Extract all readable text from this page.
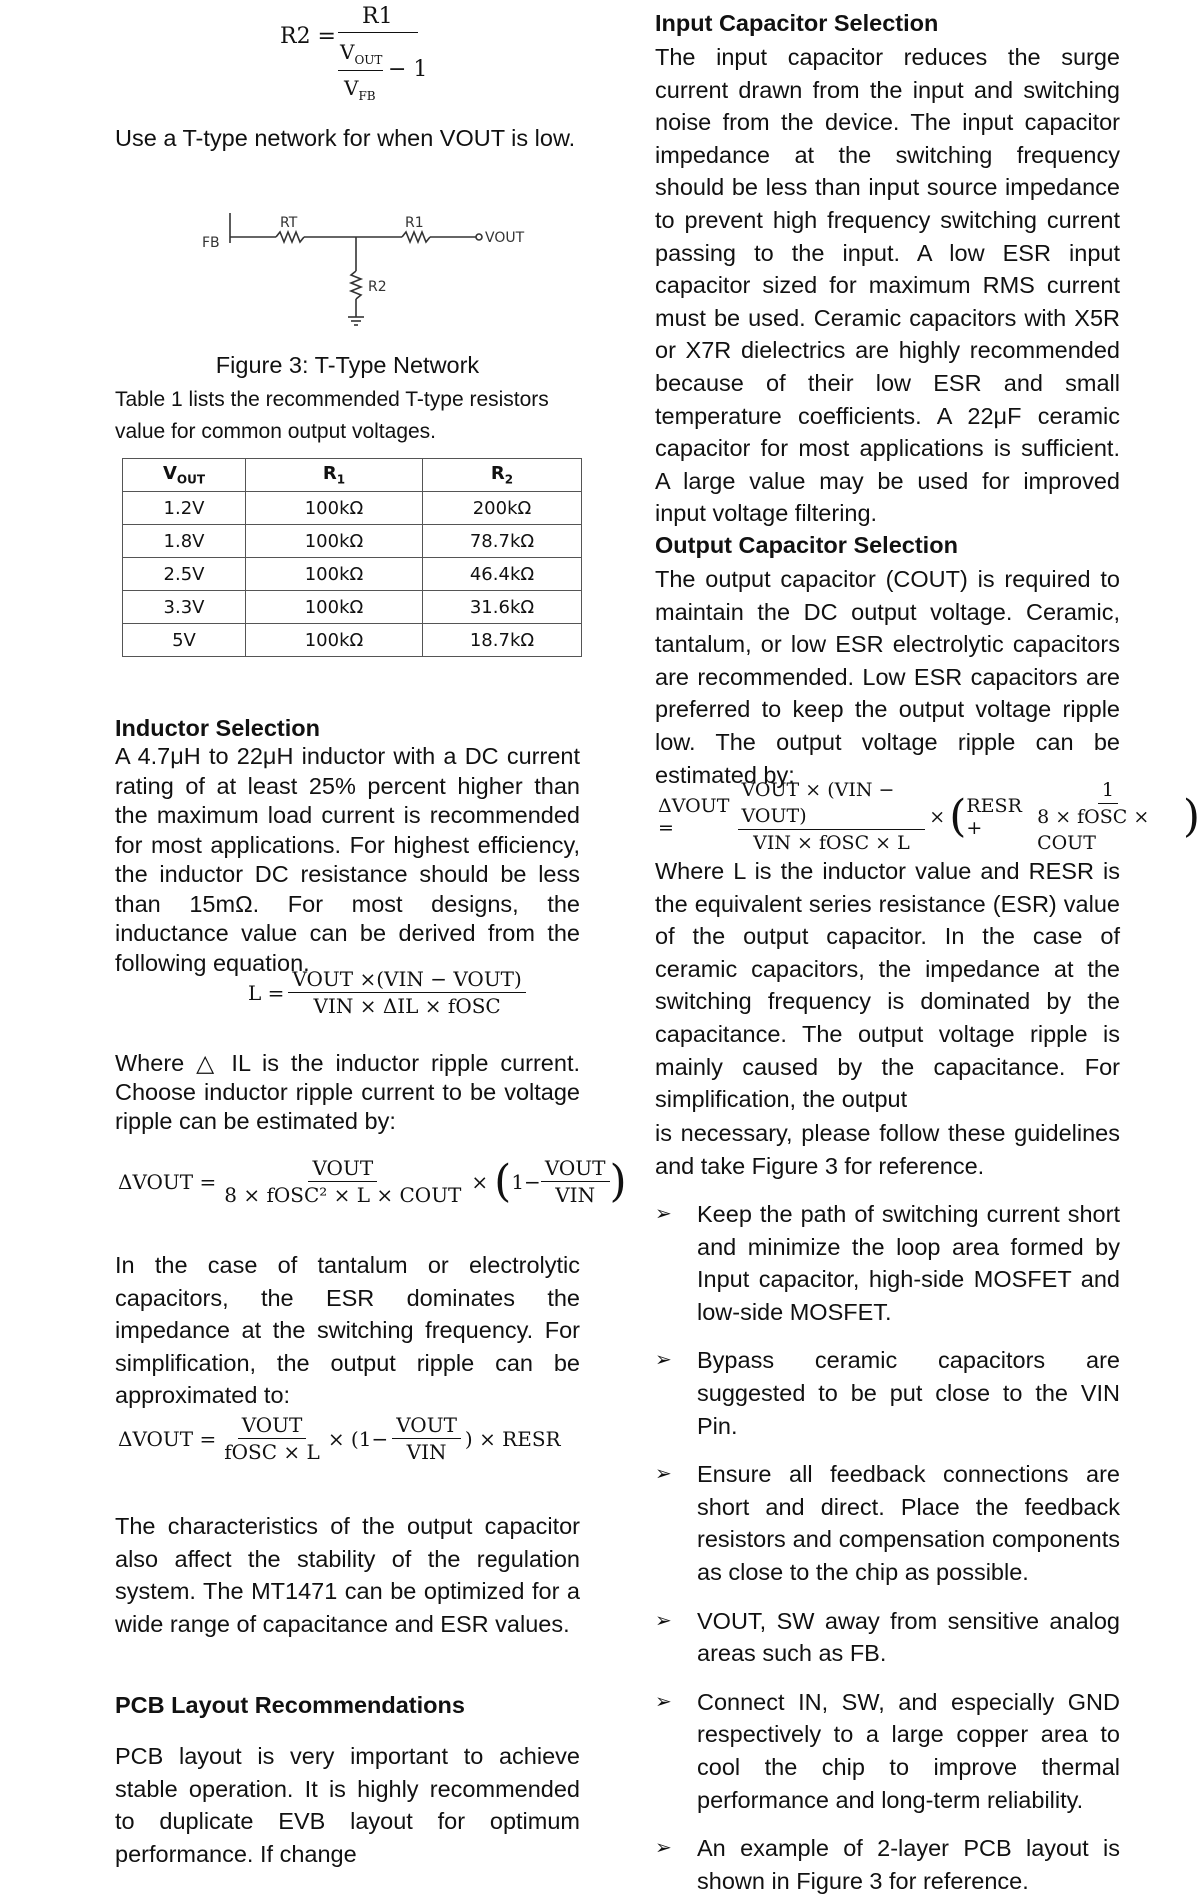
R2 =
R1
$V_{OUT}$
$V_{FB}$
− 1

Use a T-type network for when VOUT is low.

FB
RT	R1
R2
VOUT
Figure 3: T-Type Network

Table 1 lists the recommended T-type resistors value for common output voltages.

$V_{OUT}$	$R_1$	$R_2$
1.2V	100kΩ	200kΩ
1.8V	100kΩ	78.7kΩ
2.5V	100kΩ	46.4kΩ
3.3V	100kΩ	31.6kΩ
5V	100kΩ	18.7kΩ
Inductor Selection

A 4.7μH to 22μH inductor with a DC current rating of at least 25% percent higher than the maximum load current is recommended for most applications. For highest efficiency, the inductor DC resistance should be less than 15mΩ. For most designs, the inductance value can be derived from the following equation.

$L = \frac{\text{VOUT ×(VIN − VOUT)}}{\text{VIN × ΔIL × fOSC}}$

Where △ IL is the inductor ripple current. Choose inductor ripple current to be voltage ripple can be estimated by:

ΔVOUT = $\frac{\text{VOUT}}{\text{8 × fOSC² × L × COUT}}$ × ( $1- \frac{\text{VOUT}}{\text{VIN}}$ )

In the case of tantalum or electrolytic capacitors, the ESR dominates the impedance at the switching frequency. For simplification, the output ripple can be approximated to:

ΔVOUT = $\frac{\text{VOUT}}{\text{fOSC × L}} \times (1- \frac{\text{VOUT}}{\text{VIN}}$ ) × RESR

The characteristics of the output capacitor also affect the stability of the regulation system. The MT1471 can be optimized for a wide range of capacitance and ESR values.

PCB Layout Recommendations

PCB layout is very important to achieve stable operation. It is highly recommended to duplicate EVB layout for optimum performance. If change

Input Capacitor Selection

The input capacitor reduces the surge current drawn from the input and switching noise from the device. The input capacitor impedance at the switching frequency should be less than input source impedance to prevent high frequency switching current passing to the input. A low ESR input capacitor sized for maximum RMS current must be used. Ceramic capacitors with X5R or X7R dielectrics are highly recommended because of their low ESR and small temperature coefficients. A 22μF ceramic capacitor for most applications is sufficient. A large value may be used for improved input voltage filtering.

Output Capacitor Selection

The output capacitor (COUT) is required to maintain the DC output voltage. Ceramic, tantalum, or low ESR electrolytic capacitors are recommended. Low ESR capacitors are preferred to keep the output voltage ripple low. The output voltage ripple can be estimated by:

ΔVOUT =	$\frac{\text{VOUT × (VIN − VOUT)}}{\text{VIN × fOSC × L}}$ × ( RESR +	$\frac{1}{\text{8 × fOSC × COUT}}$ )

Where L is the inductor value and RESR is the equivalent series resistance (ESR) value of the output capacitor. In the case of ceramic capacitors, the impedance at the switching frequency is dominated by the capacitance. The output voltage ripple is mainly caused by the capacitance. For simplification, the output

is necessary, please follow these guidelines and take Figure 3 for reference.

➢	Keep the path of switching current short and minimize the loop area formed by Input capacitor, high-side MOSFET and low-side MOSFET.

➢	Bypass ceramic capacitors are suggested to be put close to the VIN Pin.

➢	Ensure all feedback connections are short and direct. Place the feedback resistors and compensation components as close to the chip as possible.

➢	VOUT, SW away from sensitive analog areas such as FB.

➢	Connect IN, SW, and especially GND respectively to a large copper area to cool the chip to improve thermal performance and long-term reliability.

➢	An example of 2-layer PCB layout is shown in Figure 3 for reference.
